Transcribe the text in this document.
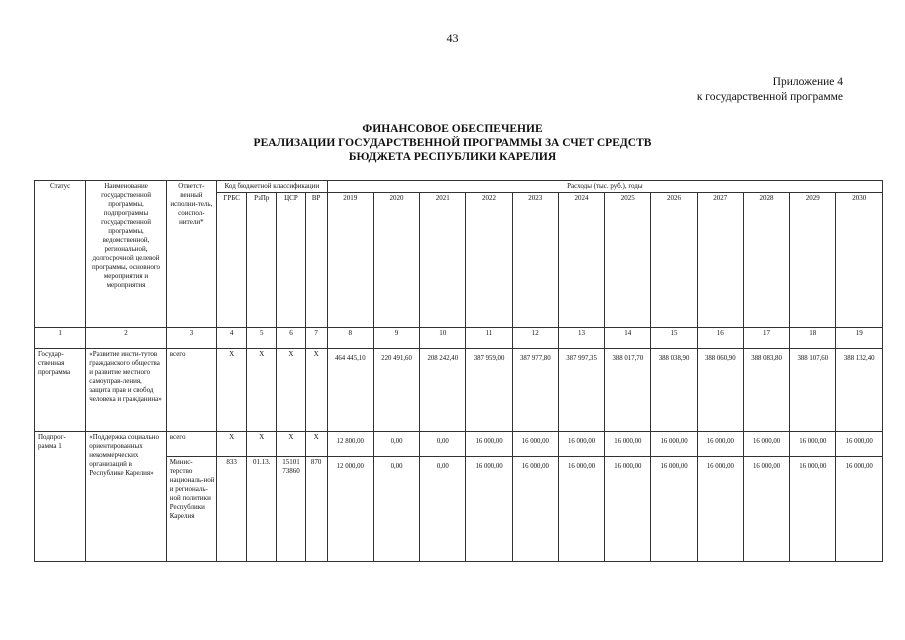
43
Приложение 4
к государственной программе
ФИНАНСОВОЕ ОБЕСПЕЧЕНИЕ
РЕАЛИЗАЦИИ ГОСУДАРСТВЕННОЙ ПРОГРАММЫ ЗА СЧЕТ СРЕДСТВ
БЮДЖЕТА РЕСПУБЛИКИ КАРЕЛИЯ
Статус	Наименование государственной программы, подпрограммы государственной программы, ведомственной, региональной, долгосрочной целевой программы, основного мероприятия и мероприятия	Ответст-венный исполни-тель, соиспол-нители*	Код бюджетной классификации				Расходы (тыс. руб.), годы											
			ГРБС	РзПр	ЦСР	ВР	2019	2020	2021	2022	2023	2024	2025	2026	2027	2028	2029	2030
1	2	3	4	5	6	7	8	9	10	11	12	13	14	15	16	17	18	19
Государ-ственная программа	«Развитие инсти-тутов гражданского общества и развитие местного самоуправ-ления, защита прав и свобод человека и гражданина»	всего	Х	Х	Х	Х	464 445,10	220 491,60	208 242,40	387 959,00	387 977,80	387 997,35	388 017,70	388 038,90	388 060,90	388 083,80	388 107,60	388 132,40
Подпрог-рамма 1	«Поддержка социально ориентированных некоммерческих организаций в Республике Карелия»	всего	Х	Х	Х	Х	12 800,00	0,00	0,00	16 000,00	16 000,00	16 000,00	16 000,00	16 000,00	16 000,00	16 000,00	16 000,00	16 000,00
		Минис-терство националь-ной и региональ-ной политики Республики Карелия	833	01.13.	15101 73860	870	12 000,00	0,00	0,00	16 000,00	16 000,00	16 000,00	16 000,00	16 000,00	16 000,00	16 000,00	16 000,00	16 000,00
